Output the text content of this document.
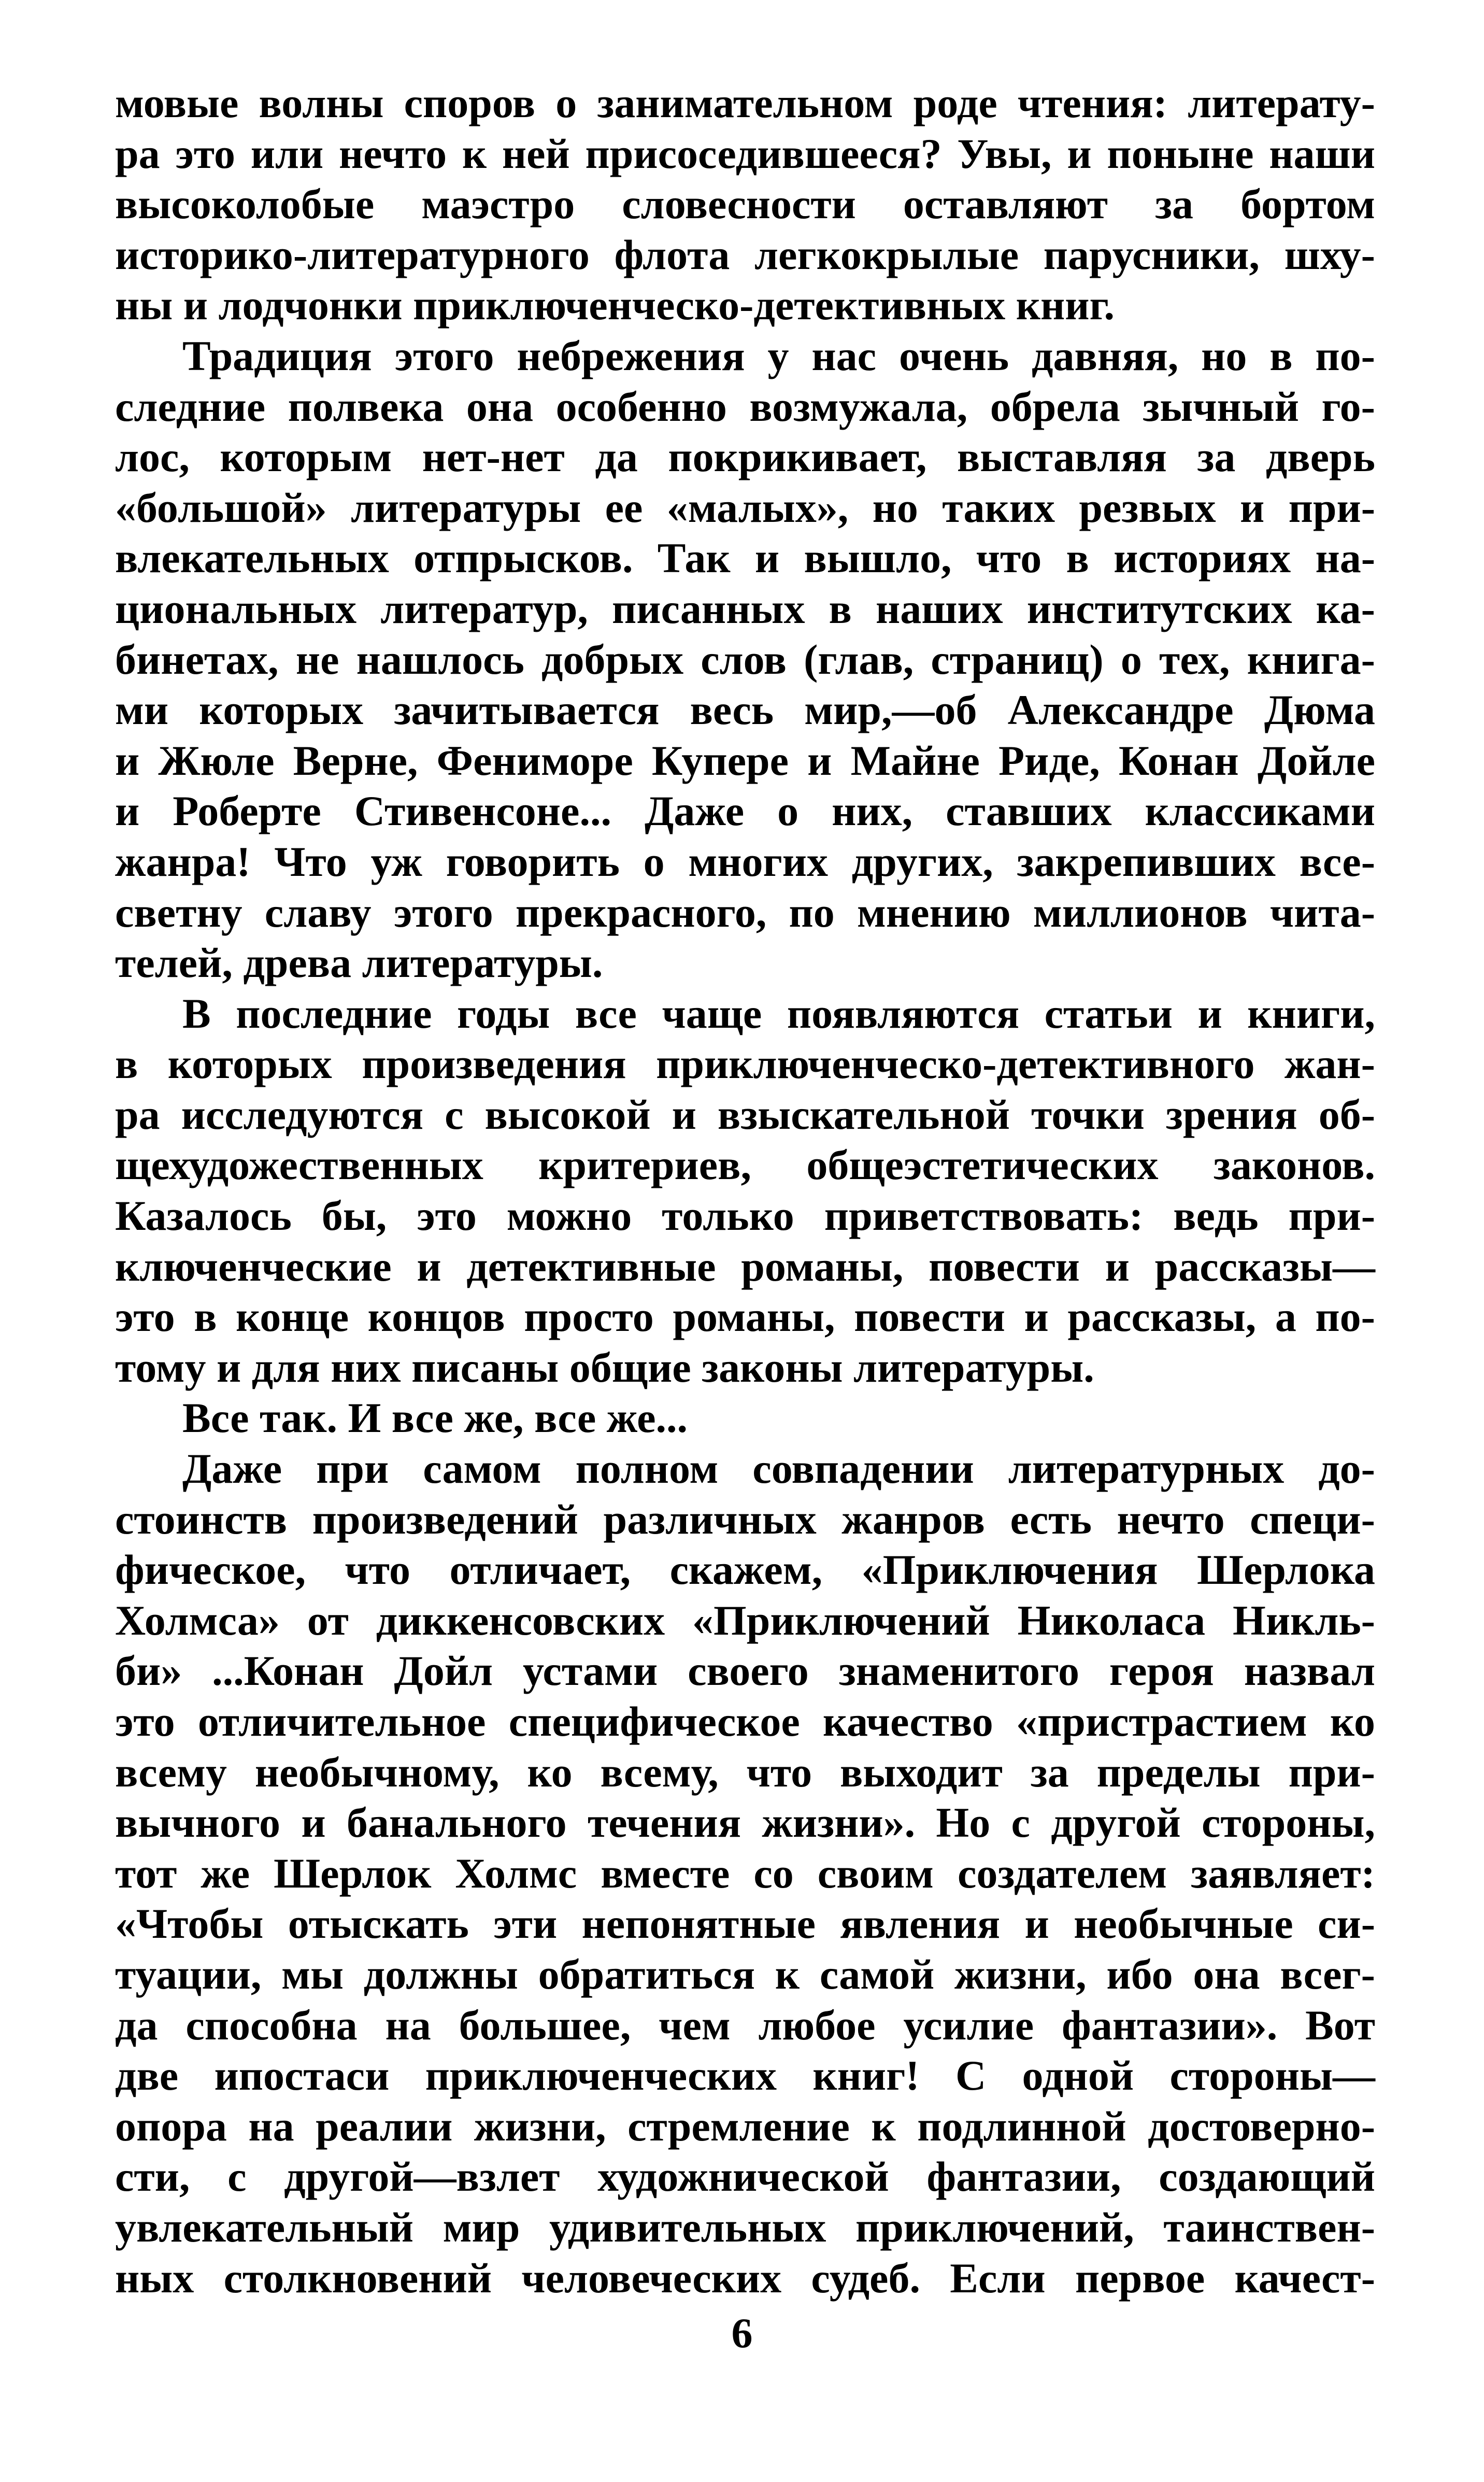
мовые волны споров о занимательном роде чтения: литерату-
ра это или нечто к ней присоседившееся? Увы, и поныне наши
высоколобые маэстро словесности оставляют за бортом
историко-литературного флота легкокрылые парусники, шху-
ны и лодчонки приключенческо-детективных книг.
Традиция этого небрежения у нас очень давняя, но в по-
следние полвека она особенно возмужала, обрела зычный го-
лос, которым нет-нет да покрикивает, выставляя за дверь
«большой» литературы ее «малых», но таких резвых и при-
влекательных отпрысков. Так и вышло, что в историях на-
циональных литератур, писанных в наших институтских ка-
бинетах, не нашлось добрых слов (глав, страниц) о тех, книга-
ми которых зачитывается весь мир,—об Александре Дюма
и Жюле Верне, Фениморе Купере и Майне Риде, Конан Дойле
и Роберте Стивенсоне... Даже о них, ставших классиками
жанра! Что уж говорить о многих других, закрепивших все-
светну славу этого прекрасного, по мнению миллионов чита-
телей, древа литературы.
В последние годы все чаще появляются статьи и книги,
в которых произведения приключенческо-детективного жан-
ра исследуются с высокой и взыскательной точки зрения об-
щехудожественных критериев, общеэстетических законов.
Казалось бы, это можно только приветствовать: ведь при-
ключенческие и детективные романы, повести и рассказы—
это в конце концов просто романы, повести и рассказы, а по-
тому и для них писаны общие законы литературы.
Все так. И все же, все же...
Даже при самом полном совпадении литературных до-
стоинств произведений различных жанров есть нечто специ-
фическое, что отличает, скажем, «Приключения Шерлока
Холмса» от диккенсовских «Приключений Николаса Никль-
би» ...Конан Дойл устами своего знаменитого героя назвал
это отличительное специфическое качество «пристрастием ко
всему необычному, ко всему, что выходит за пределы при-
вычного и банального течения жизни». Но с другой стороны,
тот же Шерлок Холмс вместе со своим создателем заявляет:
«Чтобы отыскать эти непонятные явления и необычные си-
туации, мы должны обратиться к самой жизни, ибо она всег-
да способна на большее, чем любое усилие фантазии». Вот
две ипостаси приключенческих книг! С одной стороны—
опора на реалии жизни, стремление к подлинной достоверно-
сти, с другой—взлет художнической фантазии, создающий
увлекательный мир удивительных приключений, таинствен-
ных столкновений человеческих судеб. Если первое качест-
6
